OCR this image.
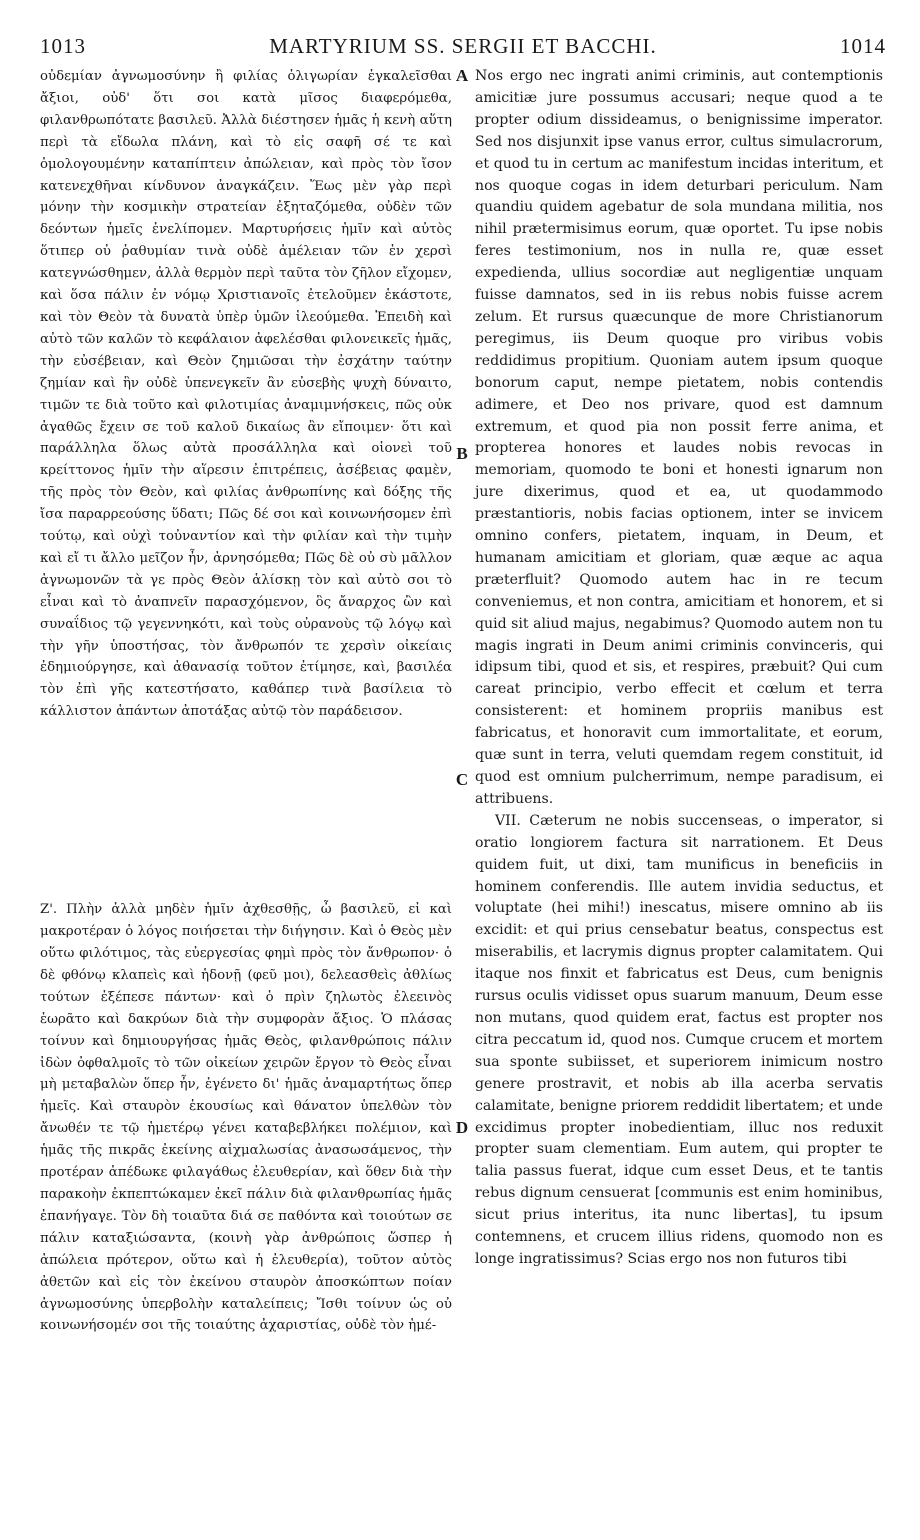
1013	MARTYRIUM SS. SERGII ET BACCHI.	1014

οὐδεμίαν ἀγνωμοσύνην ἢ φιλίας ὀλιγωρίαν ἐγκαλεῖσθαι ἄξιοι, οὐδ' ὅτι σοι κατὰ μῖσος διαφερόμεθα, φιλανθρωπότατε βασιλεῦ. Ἀλλὰ διέστησεν ἡμᾶς ἡ κενὴ αὕτη περὶ τὰ εἴδωλα πλάνη, καὶ τὸ εἰς σαφῆ σέ τε καὶ ὁμολογουμένην καταπίπτειν ἀπώλειαν, καὶ πρὸς τὸν ἴσον κατενεχθῆναι κίνδυνον ἀναγκάζειν. Ἕως μὲν γὰρ περὶ μόνην τὴν κοσμικὴν στρατείαν ἐξηταζόμεθα, οὐδὲν τῶν δεόντων ἡμεῖς ἐνελίπομεν. Μαρτυρήσεις ἡμῖν καὶ αὐτὸς ὅτιπερ οὐ ῥαθυμίαν τινὰ οὐδὲ ἀμέλειαν τῶν ἐν χερσὶ κατεγνώσθημεν, ἀλλὰ θερμὸν περὶ ταῦτα τὸν ζῆλον εἴχομεν, καὶ ὅσα πάλιν ἐν νόμῳ Χριστιανοῖς ἐτελοῦμεν ἑκάστοτε, καὶ τὸν Θεὸν τὰ δυνατὰ ὑπὲρ ὑμῶν ἱλεούμεθα. Ἐπειδὴ καὶ αὐτὸ τῶν καλῶν τὸ κεφάλαιον ἀφελέσθαι φιλονεικεῖς ἡμᾶς, τὴν εὐσέβειαν, καὶ Θεὸν ζημιῶσαι τὴν ἐσχάτην ταύτην ζημίαν καὶ ἣν οὐδὲ ὑπενεγκεῖν ἂν εὐσεβὴς ψυχὴ δύναιτο, τιμῶν τε διὰ τοῦτο καὶ φιλοτιμίας ἀναμιμνήσκεις, πῶς οὐκ ἀγαθῶς ἔχειν σε τοῦ καλοῦ δικαίως ἂν εἴποιμεν· ὅτι καὶ παράλληλα ὅλως αὐτὰ προσάλληλα καὶ οἱονεὶ τοῦ κρείττονος ἡμῖν τὴν αἵρεσιν ἐπιτρέπεις, ἀσέβειας φαμὲν, τῆς πρὸς τὸν Θεὸν, καὶ φιλίας ἀνθρωπίνης καὶ δόξης τῆς ἴσα παραρρεούσης ὕδατι; Πῶς δέ σοι καὶ κοινωνήσομεν ἐπὶ τούτῳ, καὶ οὐχὶ τοὐναντίον καὶ τὴν φιλίαν καὶ τὴν τιμὴν καὶ εἴ τι ἄλλο μεῖζον ἦν, ἀρνησόμεθα; Πῶς δὲ οὐ σὺ μᾶλλον ἀγνωμονῶν τὰ γε πρὸς Θεὸν ἁλίσκῃ τὸν καὶ αὐτὸ σοι τὸ εἶναι καὶ τὸ ἀναπνεῖν παρασχόμενον, ὃς ἄναρχος ὢν καὶ συναΐδιος τῷ γεγεννηκότι, καὶ τοὺς οὐρανοὺς τῷ λόγῳ καὶ τὴν γῆν ὑποστήσας, τὸν ἄνθρωπόν τε χερσὶν οἰκείαις ἐδημιούργησε, καὶ ἀθανασίᾳ τοῦτον ἐτίμησε, καὶ, βασιλέα τὸν ἐπὶ γῆς κατεστήσατο, καθάπερ τινὰ βασίλεια τὸ κάλλιστον ἁπάντων ἀποτάξας αὐτῷ τὸν παράδεισον.

Ζ'. Πλὴν ἀλλὰ μηδὲν ἡμῖν ἀχθεσθῇς, ὦ βασιλεῦ, εἰ καὶ μακροτέραν ὁ λόγος ποιήσεται τὴν διήγησιν. Καὶ ὁ Θεὸς μὲν οὕτω φιλότιμος, τὰς εὐεργεσίας φημὶ πρὸς τὸν ἄνθρωπον· ὁ δὲ φθόνῳ κλαπεὶς καὶ ἡδονῇ (φεῦ μοι), δελεασθεὶς ἀθλίως τούτων ἐξέπεσε πάντων· καὶ ὁ πρὶν ζηλωτὸς ἐλεεινὸς ἑωρᾶτο καὶ δακρύων διὰ τὴν συμφορὰν ἄξιος. Ὁ πλάσας τοίνυν καὶ δημιουργήσας ἡμᾶς Θεὸς, φιλανθρώποις πάλιν ἰδὼν ὀφθαλμοῖς τὸ τῶν οἰκείων χειρῶν ἔργον τὸ Θεὸς εἶναι μὴ μεταβαλὼν ὅπερ ἦν, ἐγένετο δι' ἡμᾶς ἀναμαρτήτως ὅπερ ἡμεῖς. Καὶ σταυρὸν ἑκουσίως καὶ θάνατον ὑπελθὼν τὸν ἄνωθέν τε τῷ ἡμετέρῳ γένει καταβεβλήκει πολέμιον, καὶ ἡμᾶς τῆς πικρᾶς ἐκείνης αἰχμαλωσίας ἀνασωσάμενος, τὴν προτέραν ἀπέδωκε φιλαγάθως ἐλευθερίαν, καὶ ὅθεν διὰ τὴν παρακοὴν ἐκπεπτώκαμεν ἐκεῖ πάλιν διὰ φιλανθρωπίας ἡμᾶς ἐπανήγαγε. Τὸν δὴ τοιαῦτα διά σε παθόντα καὶ τοιούτων σε πάλιν καταξιώσαντα, (κοινὴ γὰρ ἀνθρώποις ὥσπερ ἡ ἀπώλεια πρότερον, οὕτω καὶ ἡ ἐλευθερία), τοῦτον αὐτὸς ἀθετῶν καὶ εἰς τὸν ἐκείνου σταυρὸν ἀποσκώπτων ποίαν ἀγνωμοσύνης ὑπερβολὴν καταλείπεις; Ἴσθι τοίνυν ὡς οὐ κοινωνήσομέν σοι τῆς τοιαύτης ἀχαριστίας, οὐδὲ τὸν ἡμέ-

A
B
C
D

Nos ergo nec ingrati animi criminis, aut contemptionis amicitiæ jure possumus accusari; neque quod a te propter odium dissideamus, o benignissime imperator. Sed nos disjunxit ipse vanus error, cultus simulacrorum, et quod tu in certum ac manifestum incidas interitum, et nos quoque cogas in idem deturbari periculum. Nam quandiu quidem agebatur de sola mundana militia, nos nihil prætermisimus eorum, quæ oportet. Tu ipse nobis feres testimonium, nos in nulla re, quæ esset expedienda, ullius socordiæ aut negligentiæ unquam fuisse damnatos, sed in iis rebus nobis fuisse acrem zelum. Et rursus quæcunque de more Christianorum peregimus, iis Deum quoque pro viribus vobis reddidimus propitium. Quoniam autem ipsum quoque bonorum caput, nempe pietatem, nobis contendis adimere, et Deo nos privare, quod est damnum extremum, et quod pia non possit ferre anima, et propterea honores et laudes nobis revocas in memoriam, quomodo te boni et honesti ignarum non jure dixerimus, quod et ea, ut quodammodo præstantioris, nobis facias optionem, inter se invicem omnino confers, pietatem, inquam, in Deum, et humanam amicitiam et gloriam, quæ æque ac aqua præterfluit? Quomodo autem hac in re tecum conveniemus, et non contra, amicitiam et honorem, et si quid sit aliud majus, negabimus? Quomodo autem non tu magis ingrati in Deum animi criminis convinceris, qui idipsum tibi, quod et sis, et respires, præbuit? Qui cum careat principio, verbo effecit et cœlum et terra consisterent: et hominem propriis manibus est fabricatus, et honoravit cum immortalitate, et eorum, quæ sunt in terra, veluti quemdam regem constituit, id quod est omnium pulcherrimum, nempe paradisum, ei attribuens.

VII. Cæterum ne nobis succenseas, o imperator, si oratio longiorem factura sit narrationem. Et Deus quidem fuit, ut dixi, tam munificus in beneficiis in hominem conferendis. Ille autem invidia seductus, et voluptate (hei mihi!) inescatus, misere omnino ab iis excidit: et qui prius censebatur beatus, conspectus est miserabilis, et lacrymis dignus propter calamitatem. Qui itaque nos finxit et fabricatus est Deus, cum benignis rursus oculis vidisset opus suarum manuum, Deum esse non mutans, quod quidem erat, factus est propter nos citra peccatum id, quod nos. Cumque crucem et mortem sua sponte subiisset, et superiorem inimicum nostro genere prostravit, et nobis ab illa acerba servatis calamitate, benigne priorem reddidit libertatem; et unde excidimus propter inobedientiam, illuc nos reduxit propter suam clementiam. Eum autem, qui propter te talia passus fuerat, idque cum esset Deus, et te tantis rebus dignum censuerat [communis est enim hominibus, sicut prius interitus, ita nunc libertas], tu ipsum contemnens, et crucem illius ridens, quomodo non es longe ingratissimus? Scias ergo nos non futuros tibi
